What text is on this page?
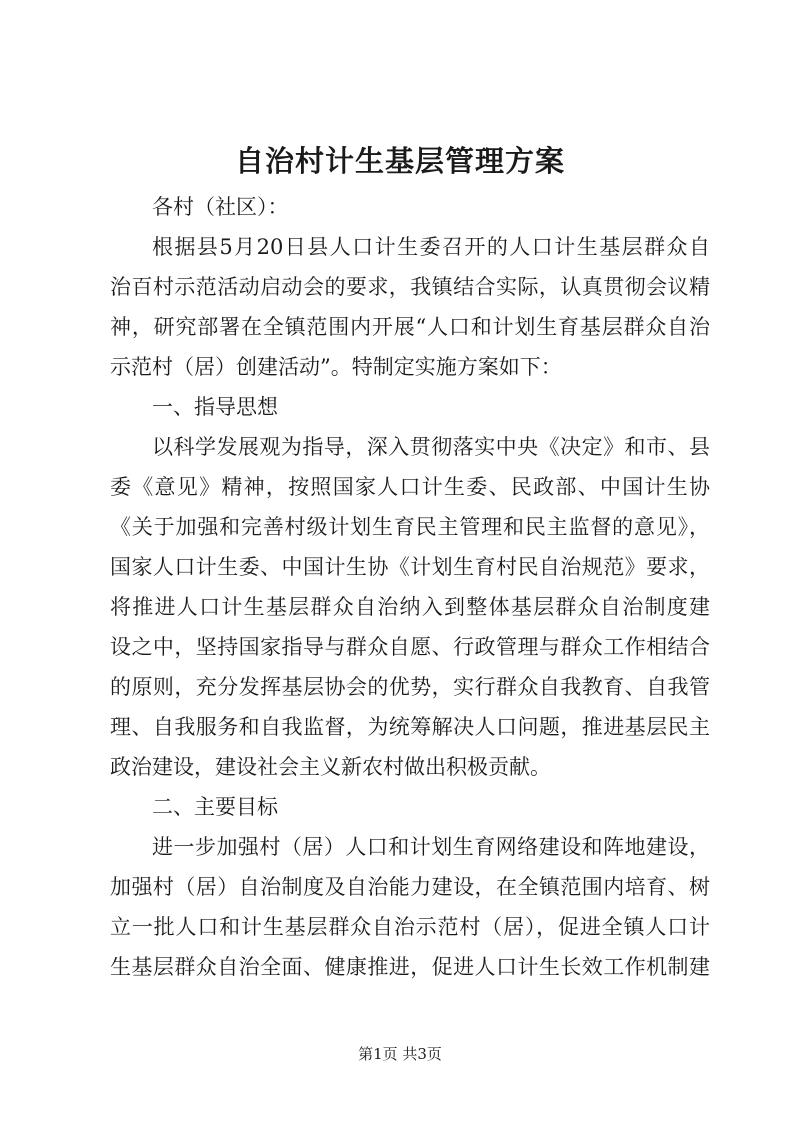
自治村计生基层管理方案

各村（社区）：

根据县5月20日县人口计生委召开的人口计生基层群众自

治百村示范活动启动会的要求，我镇结合实际，认真贯彻会议精

神，研究部署在全镇范围内开展“人口和计划生育基层群众自治

示范村（居）创建活动”。特制定实施方案如下：

一、指导思想

以科学发展观为指导，深入贯彻落实中央《决定》和市、县

委《意见》精神，按照国家人口计生委、民政部、中国计生协

《关于加强和完善村级计划生育民主管理和民主监督的意见》，

国家人口计生委、中国计生协《计划生育村民自治规范》要求，

将推进人口计生基层群众自治纳入到整体基层群众自治制度建

设之中，坚持国家指导与群众自愿、行政管理与群众工作相结合

的原则，充分发挥基层协会的优势，实行群众自我教育、自我管

理、自我服务和自我监督，为统筹解决人口问题，推进基层民主

政治建设，建设社会主义新农村做出积极贡献。

二、主要目标

进一步加强村（居）人口和计划生育网络建设和阵地建设，

加强村（居）自治制度及自治能力建设，在全镇范围内培育、树

立一批人口和计生基层群众自治示范村（居），促进全镇人口计

生基层群众自治全面、健康推进，促进人口计生长效工作机制建

第1页 共3页
